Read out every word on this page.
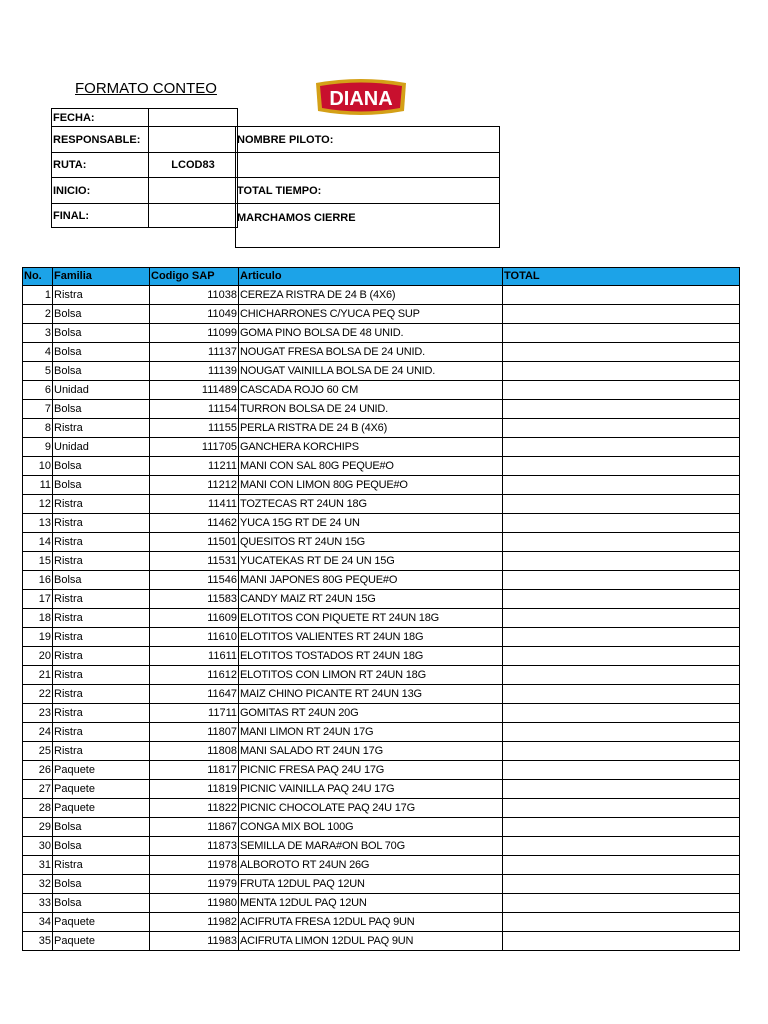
FORMATO CONTEO	DIANA
FECHA:	
RESPONSABLE:	
RUTA:	LCOD83
INICIO:	
FINAL:	
NOMBRE PILOTO:

TOTAL TIEMPO:
MARCHAMOS CIERRE
No.	Familia	Codigo SAP	Articulo	TOTAL
1	Ristra	11038	CEREZA RISTRA DE 24 B (4X6)	
2	Bolsa	11049	CHICHARRONES C/YUCA PEQ SUP	
3	Bolsa	11099	GOMA PINO BOLSA DE 48 UNID.	
4	Bolsa	11137	NOUGAT FRESA BOLSA DE 24 UNID.	
5	Bolsa	11139	NOUGAT VAINILLA BOLSA DE 24 UNID.	
6	Unidad	111489	CASCADA ROJO 60 CM	
7	Bolsa	11154	TURRON BOLSA DE 24 UNID.	
8	Ristra	11155	PERLA RISTRA DE 24 B (4X6)	
9	Unidad	111705	GANCHERA KORCHIPS	
10	Bolsa	11211	MANI CON SAL 80G PEQUE#O	
11	Bolsa	11212	MANI CON LIMON 80G PEQUE#O	
12	Ristra	11411	TOZTECAS RT 24UN 18G	
13	Ristra	11462	YUCA 15G RT DE 24 UN	
14	Ristra	11501	QUESITOS RT 24UN 15G	
15	Ristra	11531	YUCATEKAS RT DE 24 UN 15G	
16	Bolsa	11546	MANI JAPONES 80G PEQUE#O	
17	Ristra	11583	CANDY MAIZ RT 24UN 15G	
18	Ristra	11609	ELOTITOS CON PIQUETE RT 24UN 18G	
19	Ristra	11610	ELOTITOS VALIENTES RT 24UN 18G	
20	Ristra	11611	ELOTITOS TOSTADOS RT 24UN 18G	
21	Ristra	11612	ELOTITOS CON LIMON RT 24UN 18G	
22	Ristra	11647	MAIZ CHINO PICANTE RT 24UN 13G	
23	Ristra	11711	GOMITAS RT 24UN 20G	
24	Ristra	11807	MANI LIMON RT 24UN 17G	
25	Ristra	11808	MANI SALADO RT 24UN 17G	
26	Paquete	11817	PICNIC FRESA PAQ 24U 17G	
27	Paquete	11819	PICNIC VAINILLA PAQ 24U 17G	
28	Paquete	11822	PICNIC CHOCOLATE PAQ 24U 17G	
29	Bolsa	11867	CONGA MIX BOL 100G	
30	Bolsa	11873	SEMILLA DE MARA#ON BOL 70G	
31	Ristra	11978	ALBOROTO RT 24UN 26G	
32	Bolsa	11979	FRUTA 12DUL PAQ 12UN	
33	Bolsa	11980	MENTA 12DUL PAQ 12UN	
34	Paquete	11982	ACIFRUTA FRESA 12DUL PAQ 9UN	
35	Paquete	11983	ACIFRUTA LIMON 12DUL PAQ 9UN	
